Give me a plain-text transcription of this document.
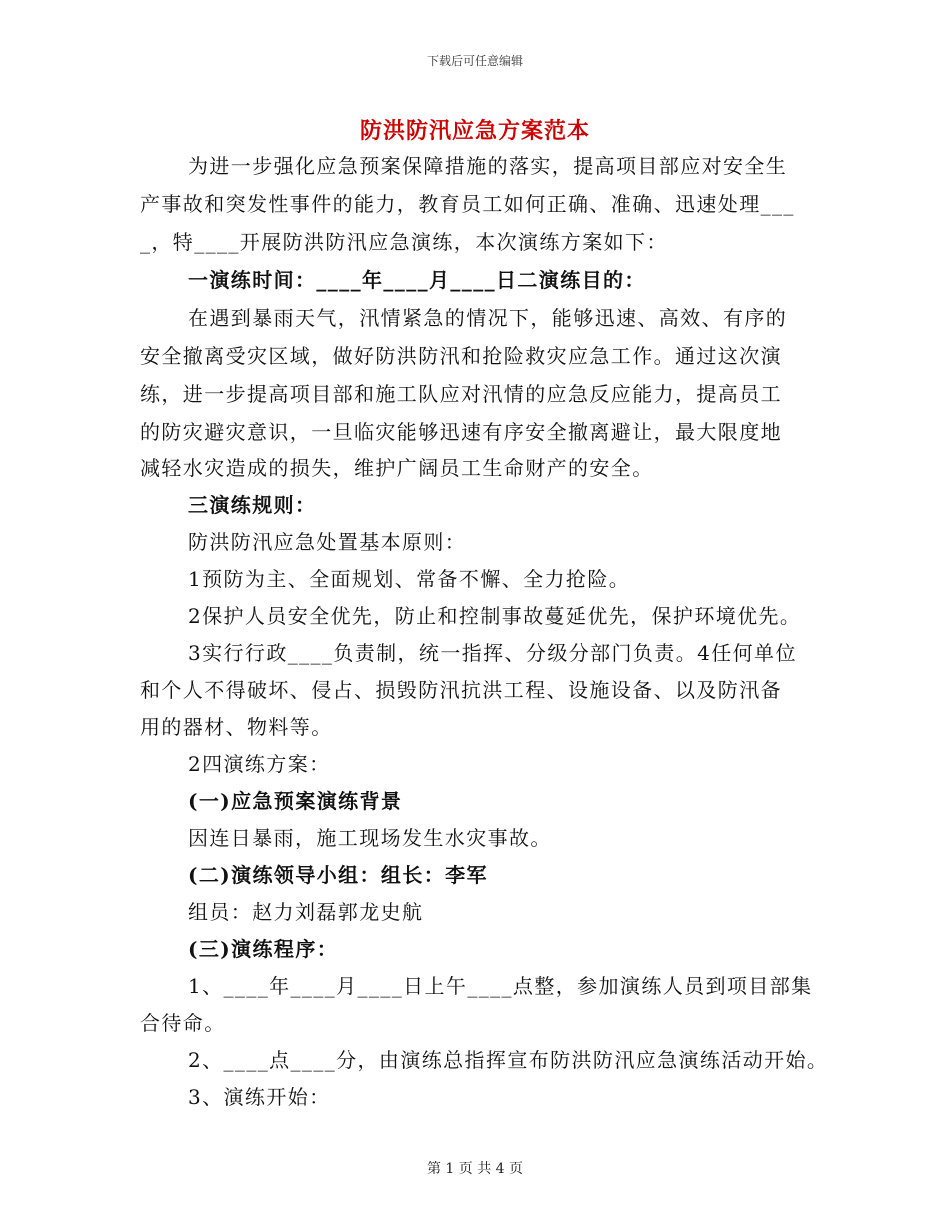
下载后可任意编辑
防洪防汛应急方案范本
为进一步强化应急预案保障措施的落实，提高项目部应对安全生
产事故和突发性事件的能力，教育员工如何正确、准确、迅速处理___
_，特____开展防洪防汛应急演练，本次演练方案如下：
一演练时间：____年____月____日二演练目的：
在遇到暴雨天气，汛情紧急的情况下，能够迅速、高效、有序的
安全撤离受灾区域，做好防洪防汛和抢险救灾应急工作。通过这次演
练，进一步提高项目部和施工队应对汛情的应急反应能力，提高员工
的防灾避灾意识，一旦临灾能够迅速有序安全撤离避让，最大限度地
减轻水灾造成的损失，维护广阔员工生命财产的安全。
三演练规则：
防洪防汛应急处置基本原则：
1预防为主、全面规划、常备不懈、全力抢险。
2保护人员安全优先，防止和控制事故蔓延优先，保护环境优先。
3实行行政____负责制，统一指挥、分级分部门负责。4任何单位
和个人不得破坏、侵占、损毁防汛抗洪工程、设施设备、以及防汛备
用的器材、物料等。
2四演练方案：
(一)应急预案演练背景
因连日暴雨，施工现场发生水灾事故。
(二)演练领导小组：组长：李军
组员：赵力刘磊郭龙史航
(三)演练程序：
1、____年____月____日上午____点整，参加演练人员到项目部集
合待命。
2、____点____分，由演练总指挥宣布防洪防汛应急演练活动开始。
3、演练开始：
第 1 页 共 4 页
